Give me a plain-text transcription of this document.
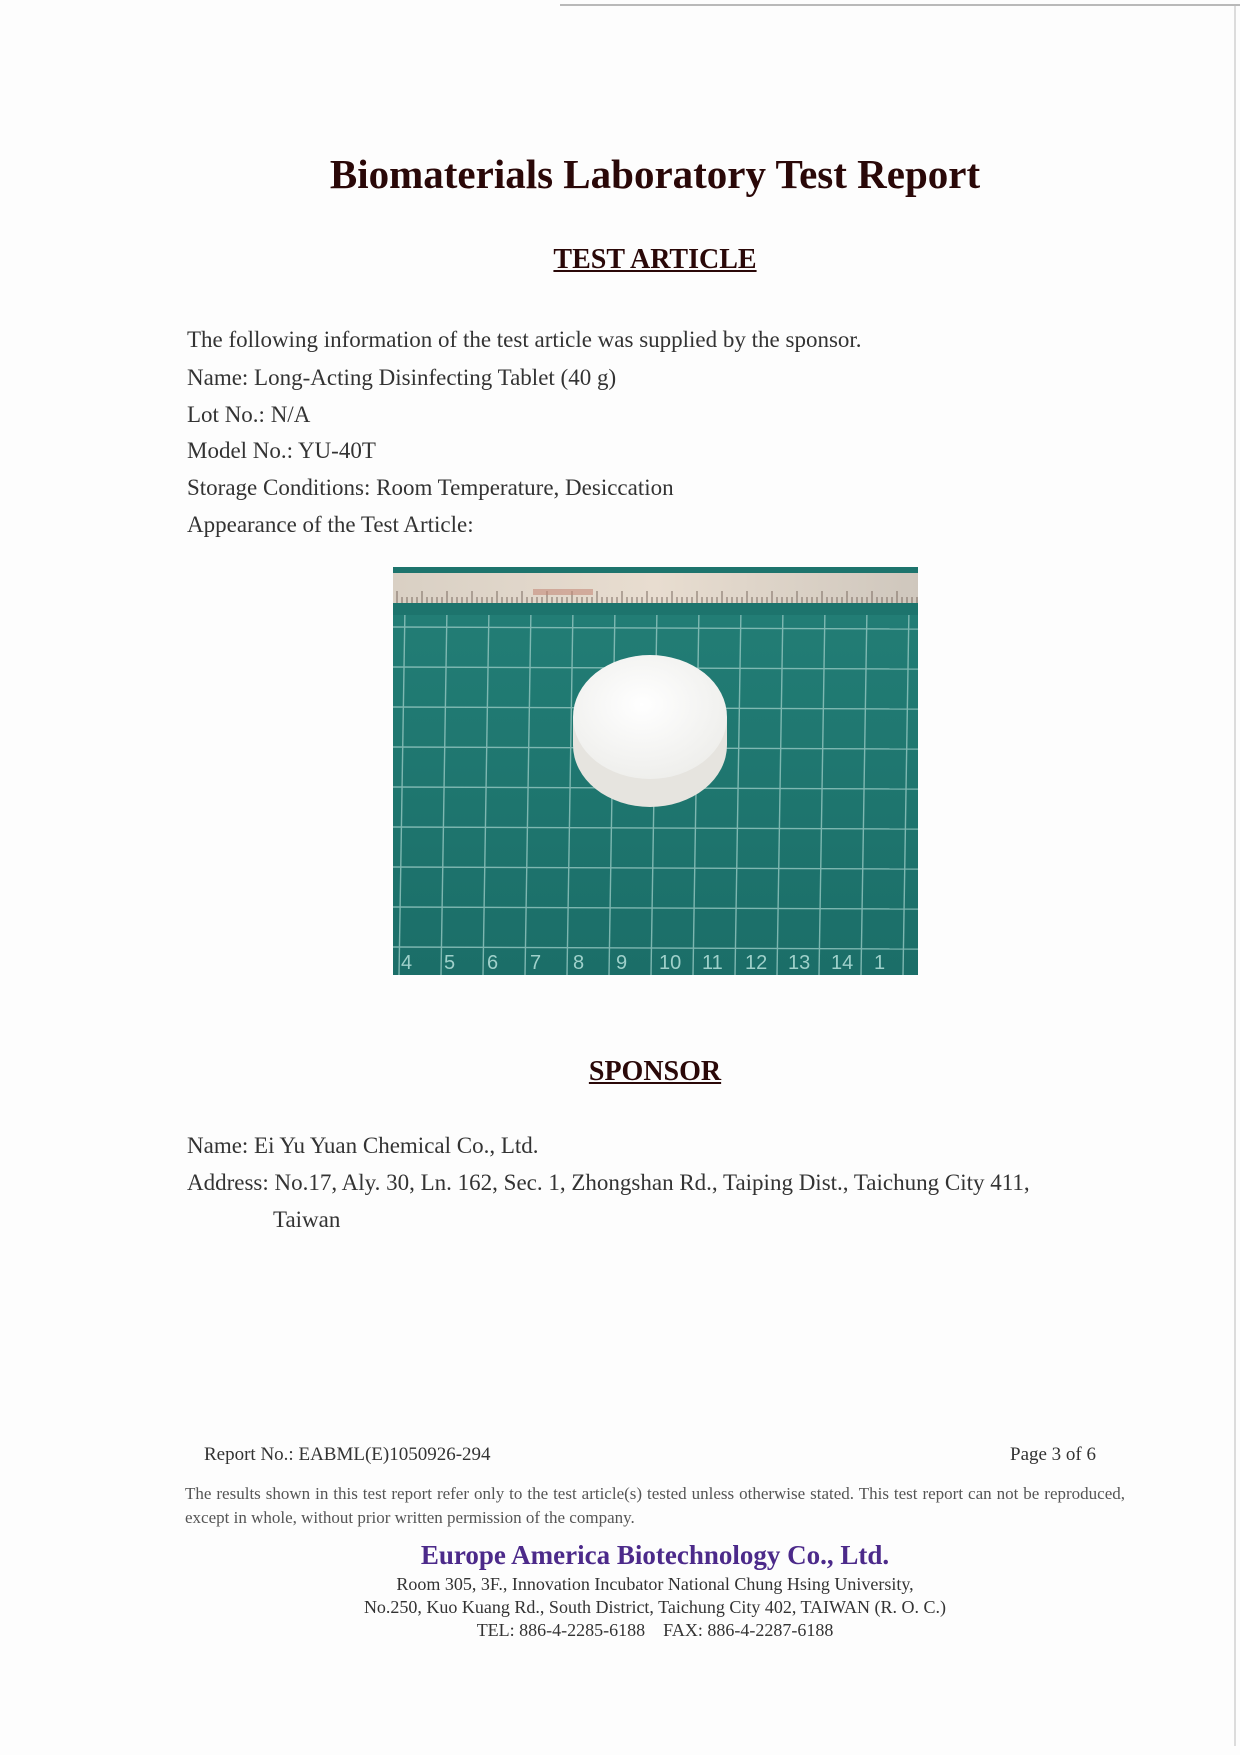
Biomaterials Laboratory Test Report
TEST ARTICLE
The following information of the test article was supplied by the sponsor.
Name: Long-Acting Disinfecting Tablet (40 g)
Lot No.: N/A
Model No.: YU-40T
Storage Conditions: Room Temperature, Desiccation
Appearance of the Test Article:
4 5 6 7 8 9 10 11 12 13 14 1
SPONSOR
Name: Ei Yu Yuan Chemical Co., Ltd.
Address: No.17, Aly. 30, Ln. 162, Sec. 1, Zhongshan Rd., Taiping Dist., Taichung City 411,
Taiwan
Report No.: EABML(E)1050926-294	Page 3 of 6
The results shown in this test report refer only to the test article(s) tested unless otherwise stated. This test report can not be reproduced, except in whole, without prior written permission of the company.
Europe America Biotechnology Co., Ltd.
Room 305, 3F., Innovation Incubator National Chung Hsing University,
No.250, Kuo Kuang Rd., South District, Taichung City 402, TAIWAN (R. O. C.)
TEL: 886-4-2285-6188    FAX: 886-4-2287-6188
